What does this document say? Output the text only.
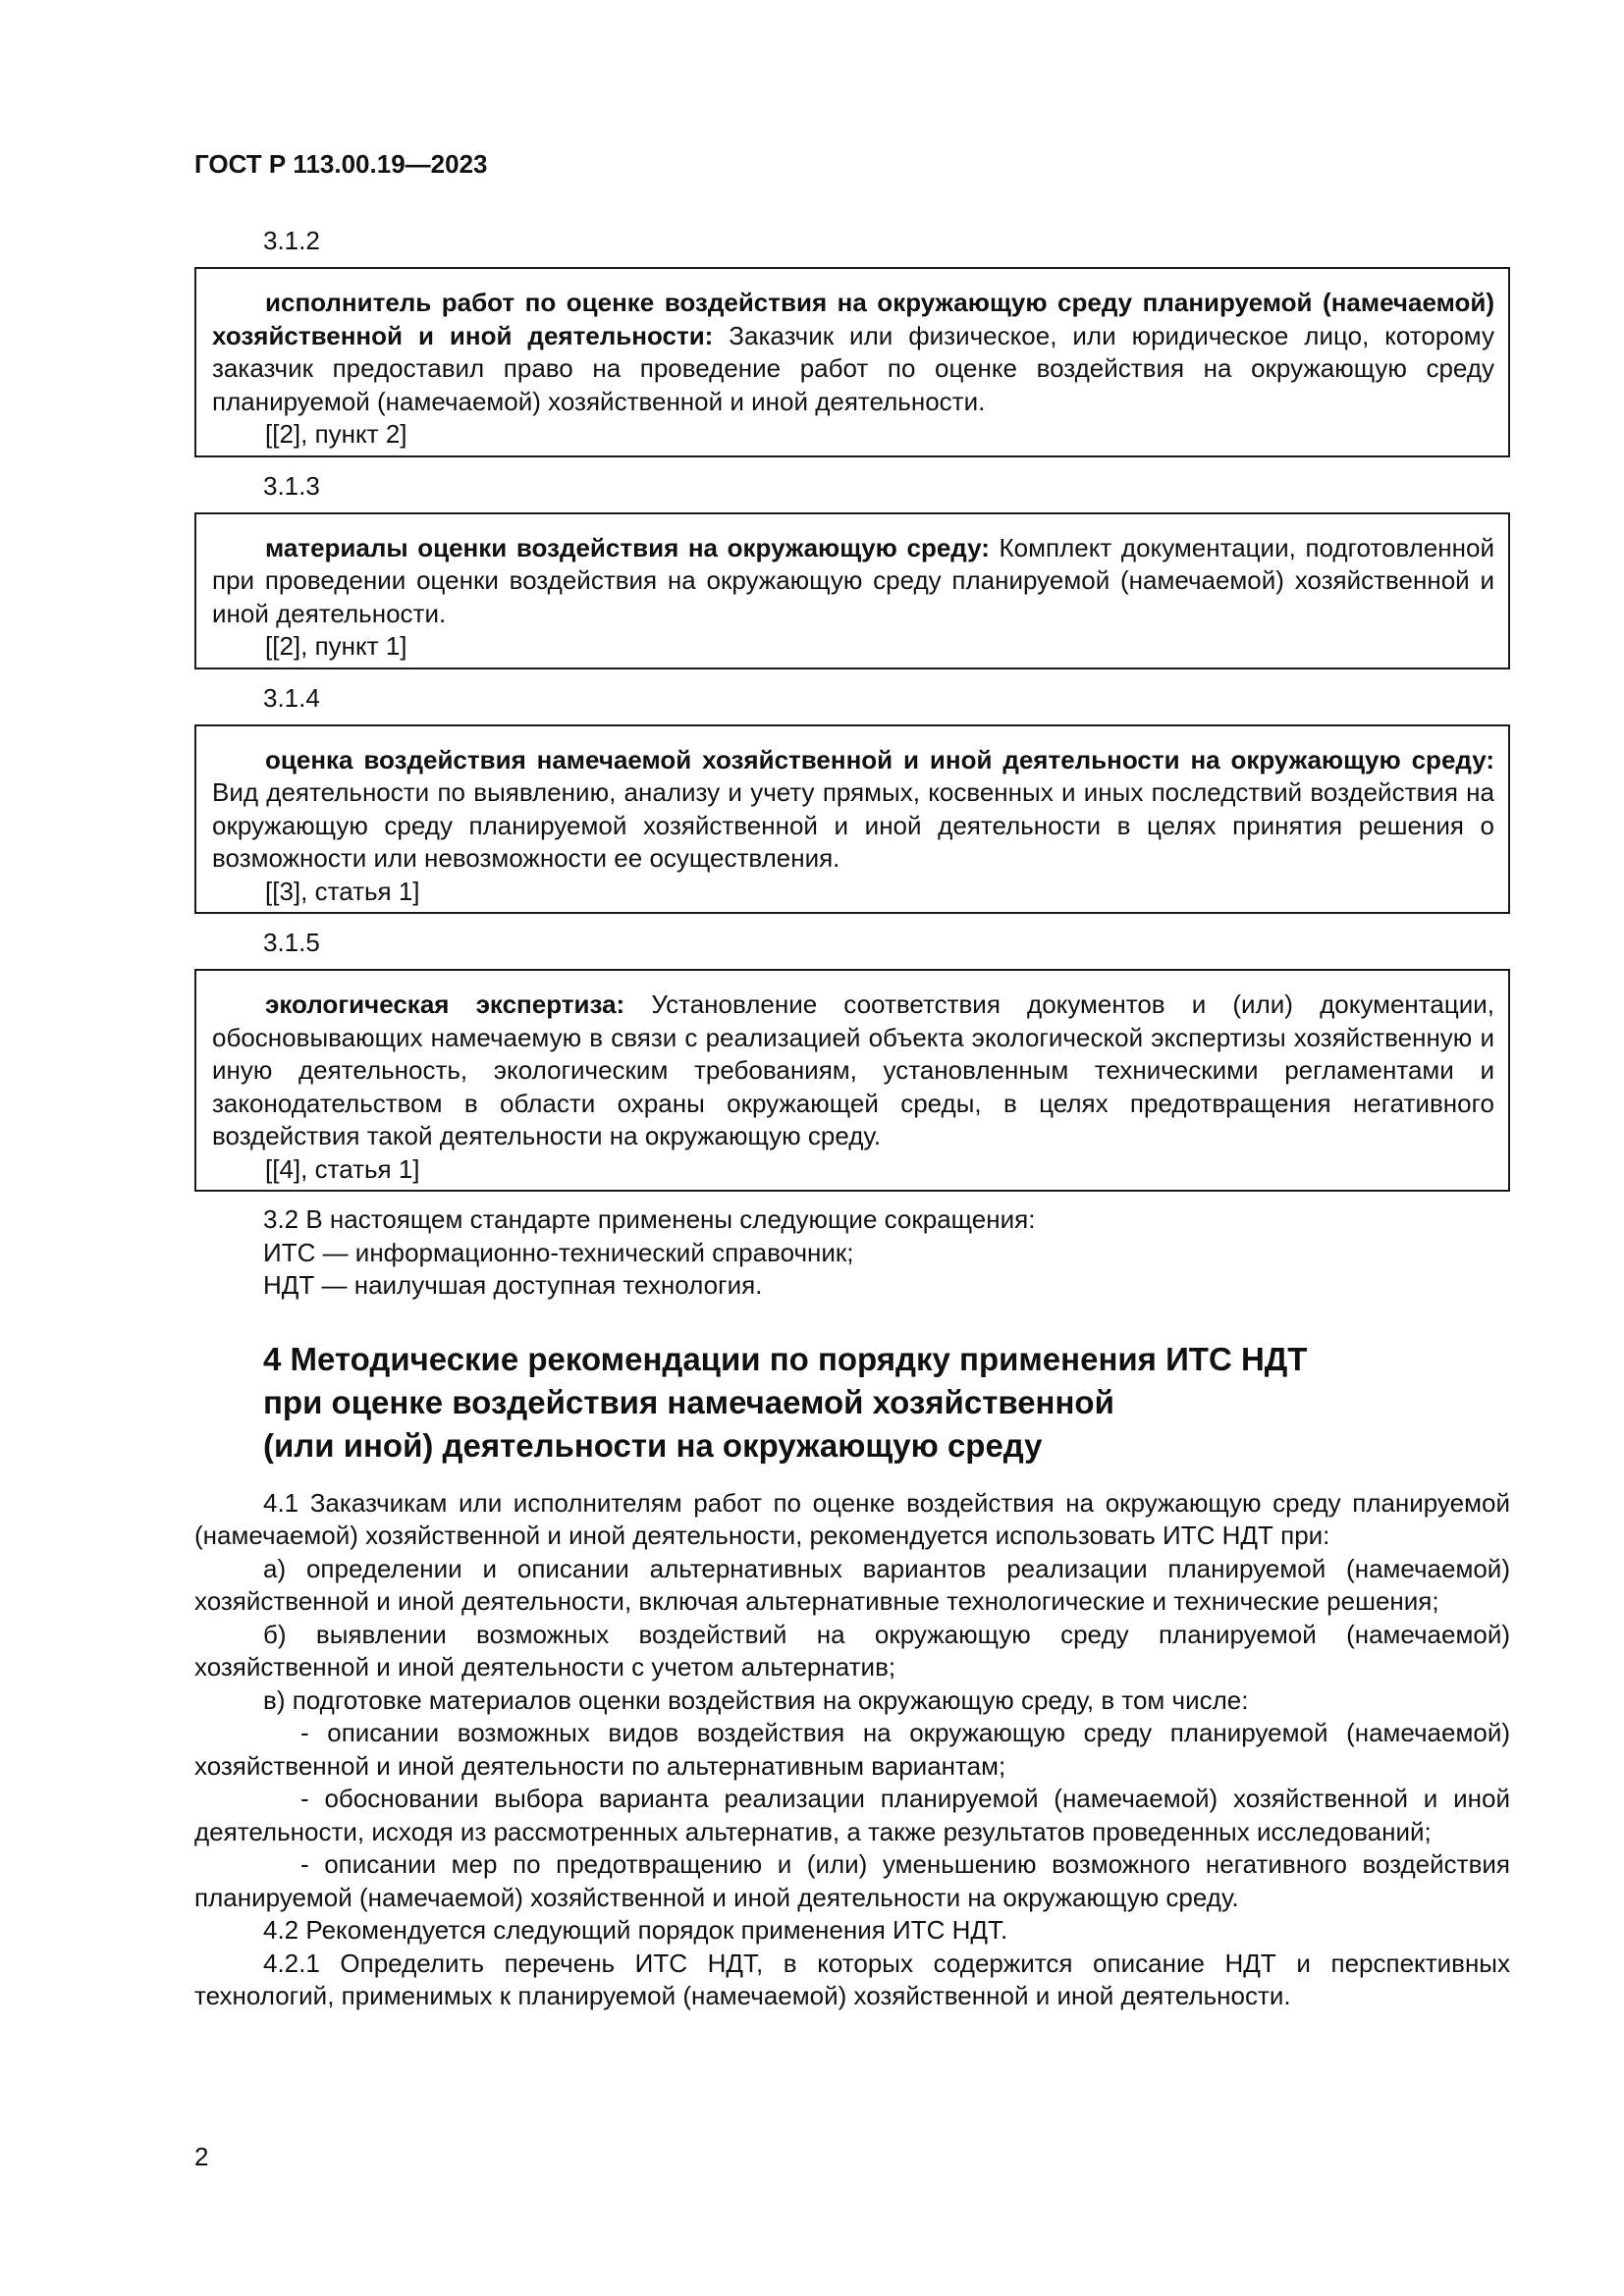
ГОСТ Р 113.00.19—2023
3.1.2

исполнитель работ по оценке воздействия на окружающую среду планируемой (намечаемой) хозяйственной и иной деятельности: Заказчик или физическое, или юридическое лицо, которому заказчик предоставил право на проведение работ по оценке воздействия на окружающую среду планируемой (намечаемой) хозяйственной и иной деятельности.

[[2], пункт 2]

3.1.3

материалы оценки воздействия на окружающую среду: Комплект документации, подготовленной при проведении оценки воздействия на окружающую среду планируемой (намечаемой) хозяйственной и иной деятельности.

[[2], пункт 1]

3.1.4

оценка воздействия намечаемой хозяйственной и иной деятельности на окружающую среду: Вид деятельности по выявлению, анализу и учету прямых, косвенных и иных последствий воздействия на окружающую среду планируемой хозяйственной и иной деятельности в целях принятия решения о возможности или невозможности ее осуществления.

[[3], статья 1]

3.1.5

экологическая экспертиза: Установление соответствия документов и (или) документации, обосновывающих намечаемую в связи с реализацией объекта экологической экспертизы хозяйственную и иную деятельность, экологическим требованиям, установленным техническими регламентами и законодательством в области охраны окружающей среды, в целях предотвращения негативного воздействия такой деятельности на окружающую среду.

[[4], статья 1]

3.2 В настоящем стандарте применены следующие сокращения:

ИТС — информационно-технический справочник;

НДТ — наилучшая доступная технология.

4 Методические рекомендации по порядку применения ИТС НДТ
при оценке воздействия намечаемой хозяйственной
(или иной) деятельности на окружающую среду

4.1 Заказчикам или исполнителям работ по оценке воздействия на окружающую среду планируемой (намечаемой) хозяйственной и иной деятельности, рекомендуется использовать ИТС НДТ при:

а) определении и описании альтернативных вариантов реализации планируемой (намечаемой) хозяйственной и иной деятельности, включая альтернативные технологические и технические решения;

б) выявлении возможных воздействий на окружающую среду планируемой (намечаемой) хозяйственной и иной деятельности с учетом альтернатив;

в) подготовке материалов оценки воздействия на окружающую среду, в том числе:

- описании возможных видов воздействия на окружающую среду планируемой (намечаемой) хозяйственной и иной деятельности по альтернативным вариантам;

- обосновании выбора варианта реализации планируемой (намечаемой) хозяйственной и иной деятельности, исходя из рассмотренных альтернатив, а также результатов проведенных исследований;

- описании мер по предотвращению и (или) уменьшению возможного негативного воздействия планируемой (намечаемой) хозяйственной и иной деятельности на окружающую среду.

4.2 Рекомендуется следующий порядок применения ИТС НДТ.

4.2.1 Определить перечень ИТС НДТ, в которых содержится описание НДТ и перспективных технологий, применимых к планируемой (намечаемой) хозяйственной и иной деятельности.

2
